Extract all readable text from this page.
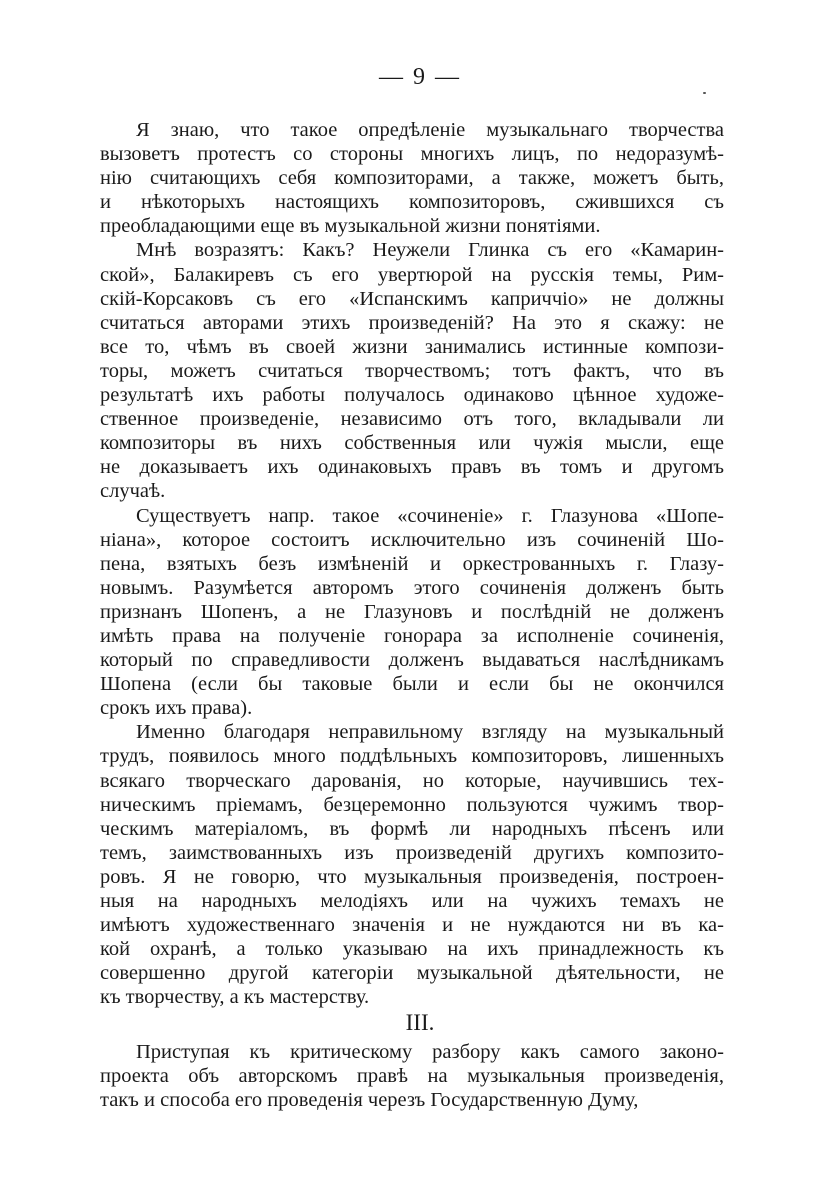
— 9 —
Я знаю, что такое опредѣленіе музыкальнаго творчества
вызоветъ протестъ со стороны многихъ лицъ, по недоразумѣ-
нію считающихъ себя композиторами, а также, можетъ быть,
и нѣкоторыхъ настоящихъ композиторовъ, сжившихся съ
преобладающими еще въ музыкальной жизни понятіями.
Мнѣ возразятъ: Какъ? Неужели Глинка съ его «Камарин-
ской», Балакиревъ съ его увертюрой на русскія темы, Рим-
скій-Корсаковъ съ его «Испанскимъ каприччіо» не должны
считаться авторами этихъ произведеній? На это я скажу: не
все то, чѣмъ въ своей жизни занимались истинные компози-
торы, можетъ считаться творчествомъ; тотъ фактъ, что въ
результатѣ ихъ работы получалось одинаково цѣнное художе-
ственное произведеніе, независимо отъ того, вкладывали ли
композиторы въ нихъ собственныя или чужія мысли, еще
не доказываетъ ихъ одинаковыхъ правъ въ томъ и другомъ
случаѣ.
Существуетъ напр. такое «сочиненіе» г. Глазунова «Шопе-
ніана», которое состоитъ исключительно изъ сочиненій Шо-
пена, взятыхъ безъ измѣненій и оркестрованныхъ г. Глазу-
новымъ. Разумѣется авторомъ этого сочиненія долженъ быть
признанъ Шопенъ, а не Глазуновъ и послѣдній не долженъ
имѣть права на полученіе гонорара за исполненіе сочиненія,
который по справедливости долженъ выдаваться наслѣдникамъ
Шопена (если бы таковые были и если бы не окончился
срокъ ихъ права).
Именно благодаря неправильному взгляду на музыкальный
трудъ, появилось много поддѣльныхъ композиторовъ, лишенныхъ
всякаго творческаго дарованія, но которые, научившись тех-
ническимъ пріемамъ, безцеремонно пользуются чужимъ твор-
ческимъ матеріаломъ, въ формѣ ли народныхъ пѣсенъ или
темъ, заимствованныхъ изъ произведеній другихъ композито-
ровъ. Я не говорю, что музыкальныя произведенія, построен-
ныя на народныхъ мелодіяхъ или на чужихъ темахъ не
имѣютъ художественнаго значенія и не нуждаются ни въ ка-
кой охранѣ, а только указываю на ихъ принадлежность къ
совершенно другой категоріи музыкальной дѣятельности, не
къ творчеству, а къ мастерству.
III.
Приступая къ критическому разбору какъ самого законо-
проекта объ авторскомъ правѣ на музыкальныя произведенія,
такъ и способа его проведенія черезъ Государственную Думу,
